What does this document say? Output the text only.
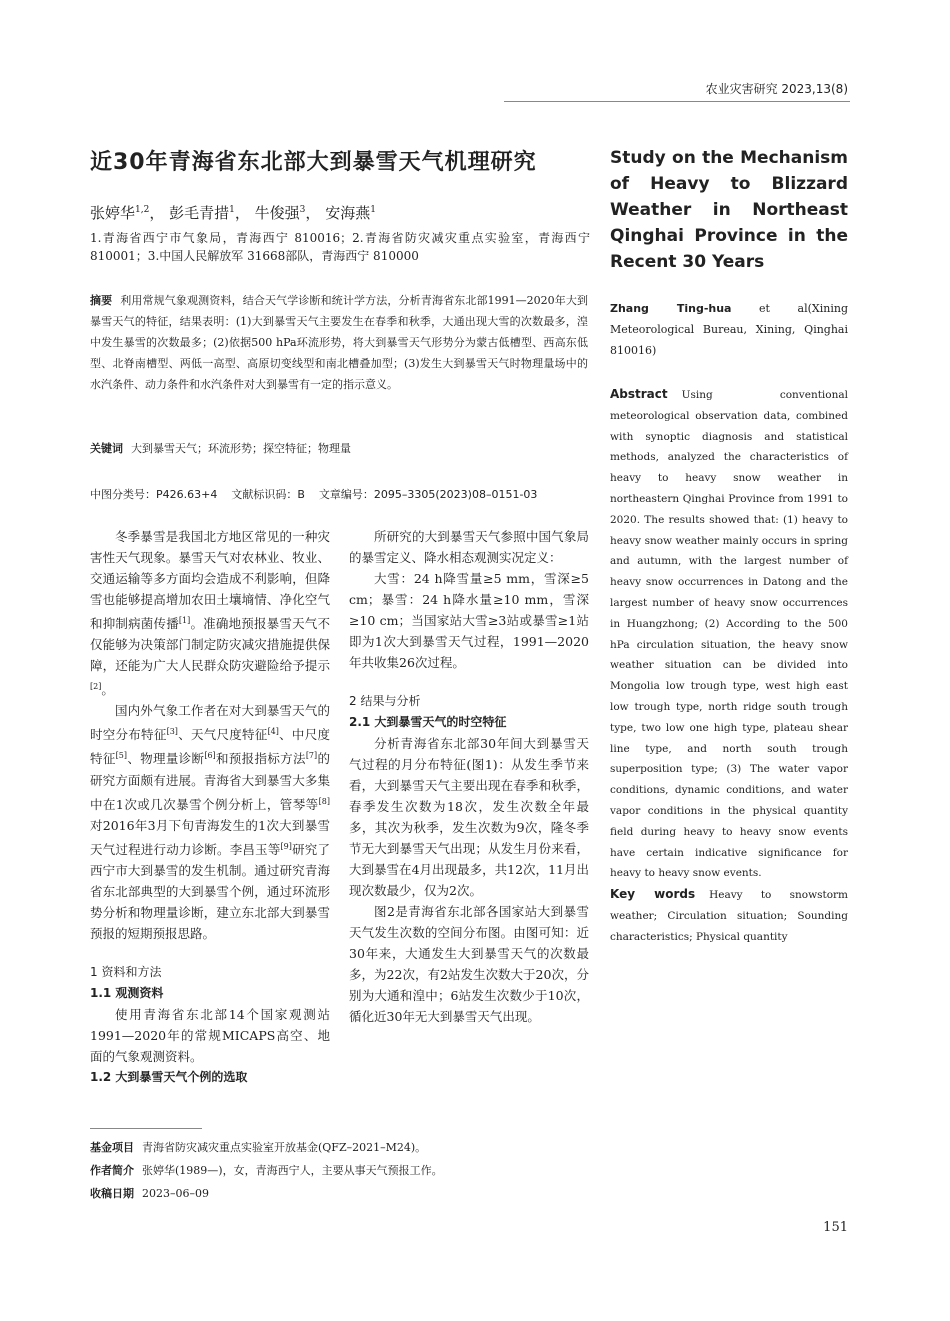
农业灾害研究 2023,13(8)
近30年青海省东北部大到暴雪天气机理研究
张婷华$^{1,2}$， 彭毛青措$^1$， 牛俊强$^3$， 安海燕$^1$
1.青海省西宁市气象局，青海西宁 810016；2.青海省防灾减灾重点实验室，青海西宁 810001；3.中国人民解放军 31668部队，青海西宁 810000
摘要 利用常规气象观测资料，结合天气学诊断和统计学方法，分析青海省东北部1991—2020年大到暴雪天气的特征，结果表明：(1)大到暴雪天气主要发生在春季和秋季，大通出现大雪的次数最多，湟中发生暴雪的次数最多；(2)依据500 hPa环流形势，将大到暴雪天气形势分为蒙古低槽型、西高东低型、北脊南槽型、两低一高型、高原切变线型和南北槽叠加型；(3)发生大到暴雪天气时物理量场中的水汽条件、动力条件和水汽条件对大到暴雪有一定的指示意义。
关键词 大到暴雪天气；环流形势；探空特征；物理量
中图分类号：P426.63+4 文献标识码：B 文章编号：2095–3305(2023)08–0151-03

冬季暴雪是我国北方地区常见的一种灾害性天气现象。暴雪天气对农林业、牧业、交通运输等多方面均会造成不利影响，但降雪也能够提高增加农田土壤墒情、净化空气和抑制病菌传播[1]。准确地预报暴雪天气不仅能够为决策部门制定防灾减灾措施提供保障，还能为广大人民群众防灾避险给予提示[2]。

国内外气象工作者在对大到暴雪天气的时空分布特征[3]、天气尺度特征[4]、中尺度特征[5]、物理量诊断[6]和预报指标方法[7]的研究方面颇有进展。青海省大到暴雪大多集中在1次或几次暴雪个例分析上，管琴等[8]对2016年3月下旬青海发生的1次大到暴雪天气过程进行动力诊断。李昌玉等[9]研究了西宁市大到暴雪的发生机制。通过研究青海省东北部典型的大到暴雪个例，通过环流形势分析和物理量诊断，建立东北部大到暴雪预报的短期预报思路。

1 资料和方法

1.1 观测资料

使用青海省东北部14个国家观测站1991—2020年的常规MICAPS高空、地面的气象观测资料。

1.2 大到暴雪天气个例的选取

所研究的大到暴雪天气参照中国气象局的暴雪定义、降水相态观测实况定义：

大雪：24 h降雪量≥5 mm，雪深≥5 cm；暴雪：24 h降水量≥10 mm，雪深≥10 cm；当国家站大雪≥3站或暴雪≥1站即为1次大到暴雪天气过程，1991—2020年共收集26次过程。

2 结果与分析

2.1 大到暴雪天气的时空特征

分析青海省东北部30年间大到暴雪天气过程的月分布特征(图1)：从发生季节来看，大到暴雪天气主要出现在春季和秋季，春季发生次数为18次，发生次数全年最多，其次为秋季，发生次数为9次，隆冬季节无大到暴雪天气出现；从发生月份来看，大到暴雪在4月出现最多，共12次，11月出现次数最少，仅为2次。

图2是青海省东北部各国家站大到暴雪天气发生次数的空间分布图。由图可知：近30年来，大通发生大到暴雪天气的次数最多，为22次，有2站发生次数大于20次，分别为大通和湟中；6站发生次数少于10次，循化近30年无大到暴雪天气出现。

Study on the Mechanism of Heavy to Blizzard Weather in Northeast Qinghai Province in the Recent 30 Years
Zhang Ting-hua et al(Xining Meteorological Bureau, Xining, Qinghai 810016)
Abstract Using conventional meteorological observation data, combined with synoptic diagnosis and statistical methods, analyzed the characteristics of heavy to heavy snow weather in northeastern Qinghai Province from 1991 to 2020. The results showed that: (1) heavy to heavy snow weather mainly occurs in spring and autumn, with the largest number of heavy snow occurrences in Datong and the largest number of heavy snow occurrences in Huangzhong; (2) According to the 500 hPa circulation situation, the heavy snow weather situation can be divided into Mongolia low trough type, west high east low trough type, north ridge south trough type, two low one high type, plateau shear line type, and north south trough superposition type; (3) The water vapor conditions, dynamic conditions, and water vapor conditions in the physical quantity field during heavy to heavy snow events have certain indicative significance for heavy to heavy snow events.
Key words Heavy to snowstorm weather; Circulation situation; Sounding characteristics; Physical quantity
基金项目 青海省防灾减灾重点实验室开放基金(QFZ–2021–M24)。
作者简介 张婷华(1989—)，女，青海西宁人，主要从事天气预报工作。
收稿日期 2023–06–09
151
